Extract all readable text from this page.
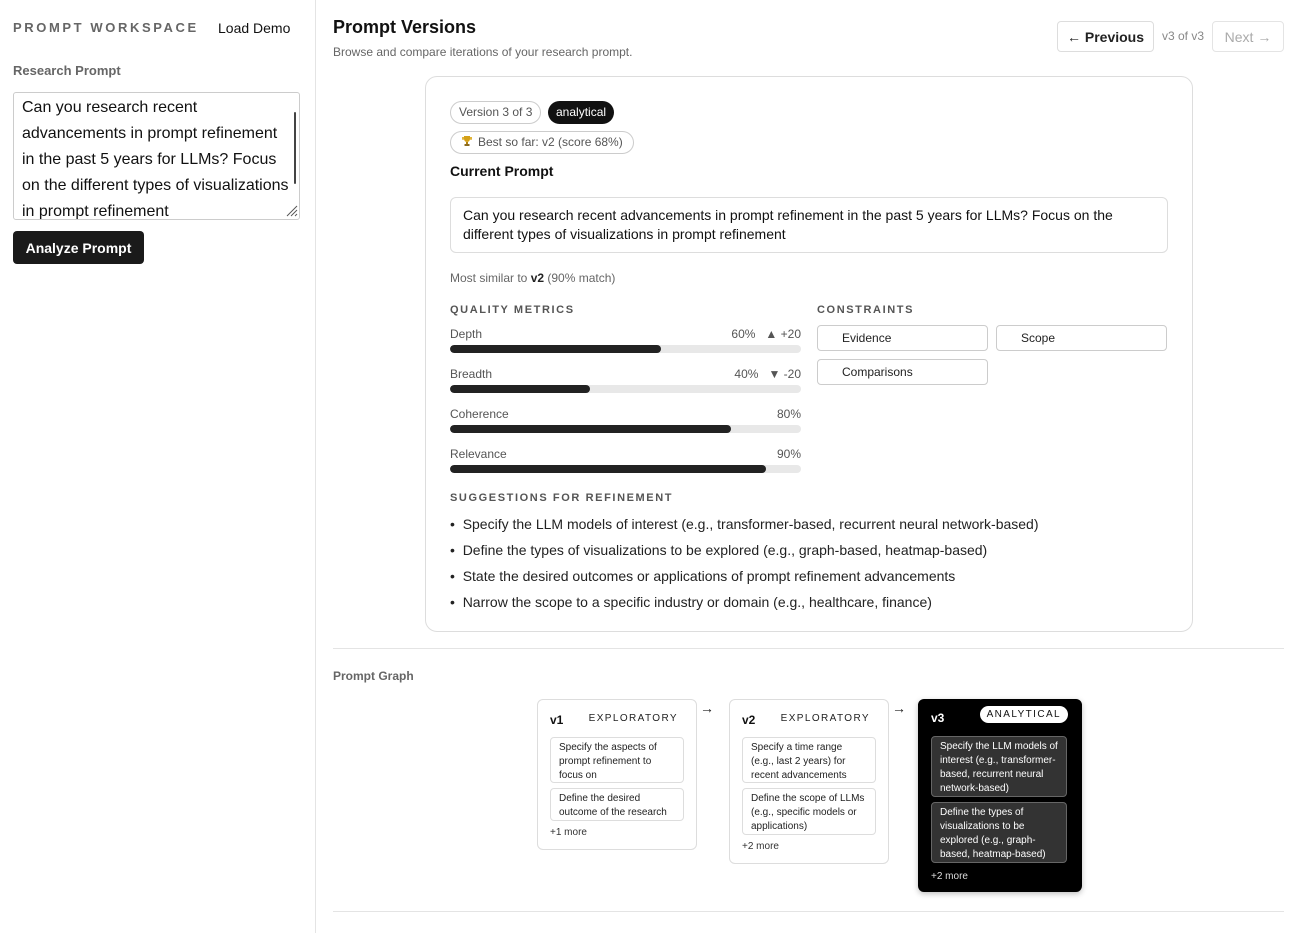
PROMPT WORKSPACE Load Demo
Research Prompt
Can you research recent advancements in prompt refinement in the past 5 years for LLMs? Focus on the different types of visualizations in prompt refinement
Analyze Prompt
Prompt Versions
Browse and compare iterations of your research prompt.
← Previous	v3 of v3	Next →
Version 3 of 3	analytical
Best so far: v2 (score 68%)
Current Prompt
Can you research recent advancements in prompt refinement in the past 5 years for LLMs? Focus on the different types of visualizations in prompt refinement
Most similar to v2 (90% match)
QUALITY METRICS
Depth	60% ▲ +20
Breadth	40% ▼ -20
Coherence	80%
Relevance	90%
CONSTRAINTS
Evidence	Scope
Comparisons
SUGGESTIONS FOR REFINEMENT
•  Specify the LLM models of interest (e.g., transformer-based, recurrent neural network-based)
•  Define the types of visualizations to be explored (e.g., graph-based, heatmap-based)
•  State the desired outcomes or applications of prompt refinement advancements
•  Narrow the scope to a specific industry or domain (e.g., healthcare, finance)
Prompt Graph
v1	EXPLORATORY
Specify the aspects of prompt refinement to focus on
Define the desired outcome of the research
+1 more
→
v2	EXPLORATORY
Specify a time range (e.g., last 2 years) for recent advancements
Define the scope of LLMs (e.g., specific models or applications)
+2 more
→
v3	ANALYTICAL
Specify the LLM models of interest (e.g., transformer-based, recurrent neural network-based)
Define the types of visualizations to be explored (e.g., graph-based, heatmap-based)
+2 more
